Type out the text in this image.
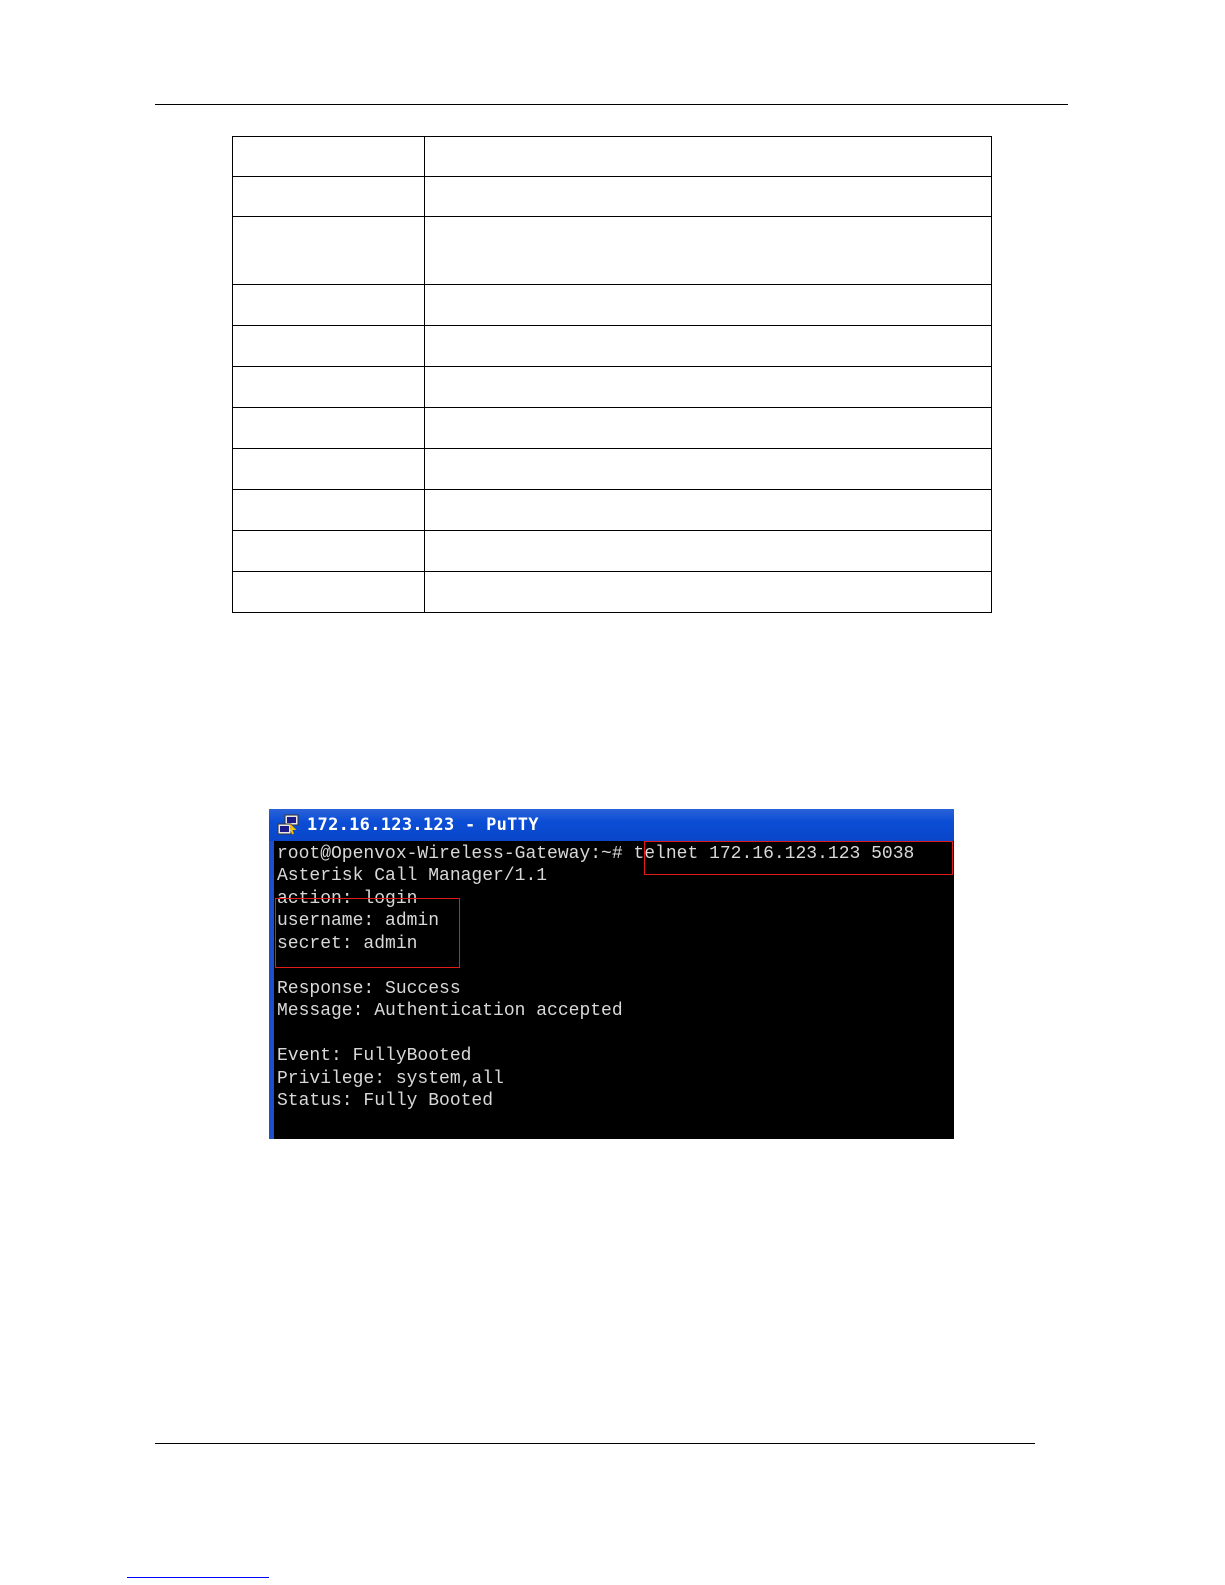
172.16.123.123 - PuTTY
root@Openvox-Wireless-Gateway:~# telnet 172.16.123.123 5038
Asterisk Call Manager/1.1
action: login
username: admin
secret: admin
Response: Success
Message: Authentication accepted
Event: FullyBooted
Privilege: system,all
Status: Fully Booted
